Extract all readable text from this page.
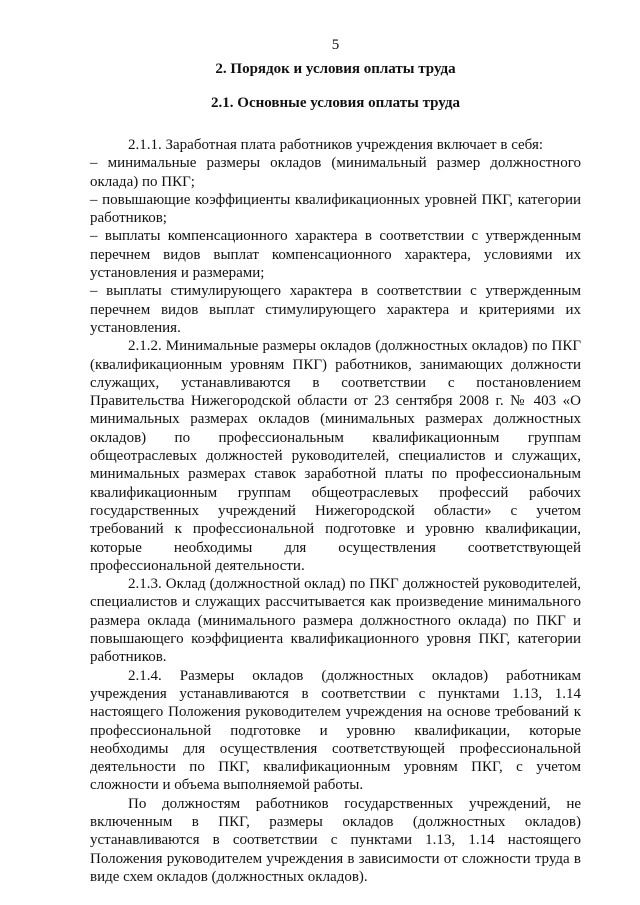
5

2. Порядок и условия оплаты труда

2.1. Основные условия оплаты труда

2.1.1. Заработная плата работников учреждения включает в себя:

– минимальные размеры окладов (минимальный размер должностного оклада) по ПКГ;

– повышающие коэффициенты квалификационных уровней ПКГ, категории работников;

– выплаты компенсационного характера в соответствии с утвержденным перечнем видов выплат компенсационного характера, условиями их установления и размерами;

– выплаты стимулирующего характера в соответствии с утвержденным перечнем видов выплат стимулирующего характера и критериями их установления.

2.1.2. Минимальные размеры окладов (должностных окладов) по ПКГ (квалификационным уровням ПКГ) работников, занимающих должности служащих, устанавливаются в соответствии с постановлением Правительства Нижегородской области от 23 сентября 2008 г. № 403 «О минимальных размерах окладов (минимальных размерах должностных окладов) по профессиональным квалификационным группам общеотраслевых должностей руководителей, специалистов и служащих, минимальных размерах ставок заработной платы по профессиональным квалификационным группам общеотраслевых профессий рабочих государственных учреждений Нижегородской области» с учетом требований к профессиональной подготовке и уровню квалификации, которые необходимы для осуществления соответствующей профессиональной деятельности.

2.1.3. Оклад (должностной оклад) по ПКГ должностей руководителей, специалистов и служащих рассчитывается как произведение минимального размера оклада (минимального размера должностного оклада) по ПКГ и повышающего коэффициента квалификационного уровня ПКГ, категории работников.

2.1.4. Размеры окладов (должностных окладов) работникам учреждения устанавливаются в соответствии с пунктами 1.13, 1.14 настоящего Положения руководителем учреждения на основе требований к профессиональной подготовке и уровню квалификации, которые необходимы для осуществления соответствующей профессиональной деятельности по ПКГ, квалификационным уровням ПКГ, с учетом сложности и объема выполняемой работы.

По должностям работников государственных учреждений, не включенным в ПКГ, размеры окладов (должностных окладов) устанавливаются в соответствии с пунктами 1.13, 1.14 настоящего Положения руководителем учреждения в зависимости от сложности труда в виде схем окладов (должностных окладов).
